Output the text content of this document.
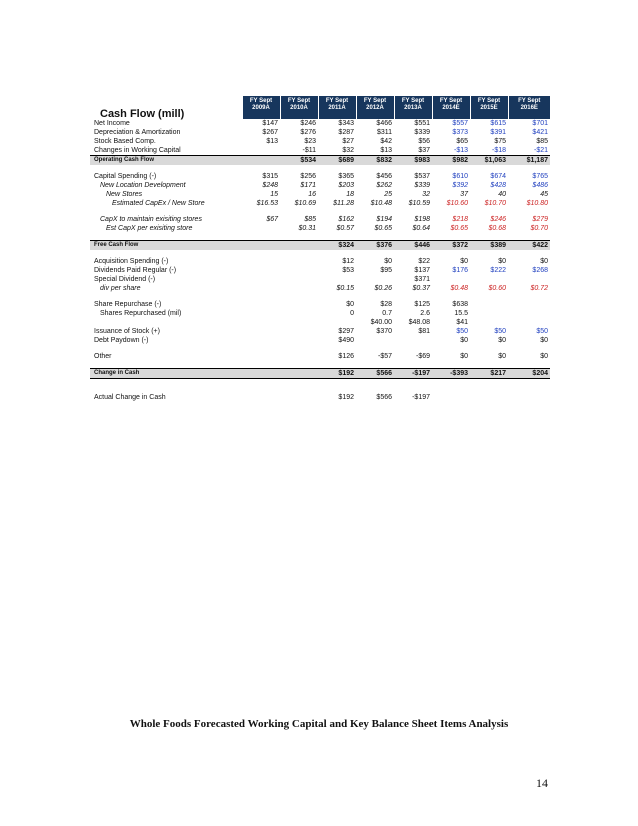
	FY Sept	FY Sept	FY Sept	FY Sept	FY Sept	FY Sept	FY Sept	FY Sept
Cash Flow (mill)	2009A	2010A	2011A	2012A	2013A	2014E	2015E	2016E
Net Income	$147	$246	$343	$466	$551	$557	$615	$701
Depreciation & Amortization	$267	$276	$287	$311	$339	$373	$391	$421
Stock Based Comp.	$13	$23	$27	$42	$56	$65	$75	$85
Changes in Working Capital		-$11	$32	$13	$37	-$13	-$18	-$21
Operating Cash Flow		$534	$689	$832	$983	$982	$1,063	$1,187

Capital Spending (-)	$315	$256	$365	$456	$537	$610	$674	$765
New Location Development	$248	$171	$203	$262	$339	$392	$428	$486
New Stores	15	16	18	25	32	37	40	45
Estimated CapEx / New Store	$16.53	$10.69	$11.28	$10.48	$10.59	$10.60	$10.70	$10.80

CapX to maintain exisiting stores	$67	$85	$162	$194	$198	$218	$246	$279
Est CapX per exisiting store		$0.31	$0.57	$0.65	$0.64	$0.65	$0.68	$0.70

Free Cash Flow			$324	$376	$446	$372	$389	$422

Acquisition Spending (-)			$12	$0	$22	$0	$0	$0
Dividends Paid Regular (-)			$53	$95	$137	$176	$222	$268
Special Dividend (-)					$371			
div per share			$0.15	$0.26	$0.37	$0.48	$0.60	$0.72

Share Repurchase (-)			$0	$28	$125	$638		
Shares Repurchased (mil)			0	0.7	2.6	15.5		
				$40.00	$48.08	$41		
Issuance of Stock (+)			$297	$370	$81	$50	$50	$50
Debt Paydown (-)			$490			$0	$0	$0

Other			$126	-$57	-$69	$0	$0	$0

Change in Cash			$192	$566	-$197	-$393	$217	$204

Actual Change in Cash			$192	$566	-$197			
Whole Foods Forecasted Working Capital and Key Balance Sheet Items Analysis
14
